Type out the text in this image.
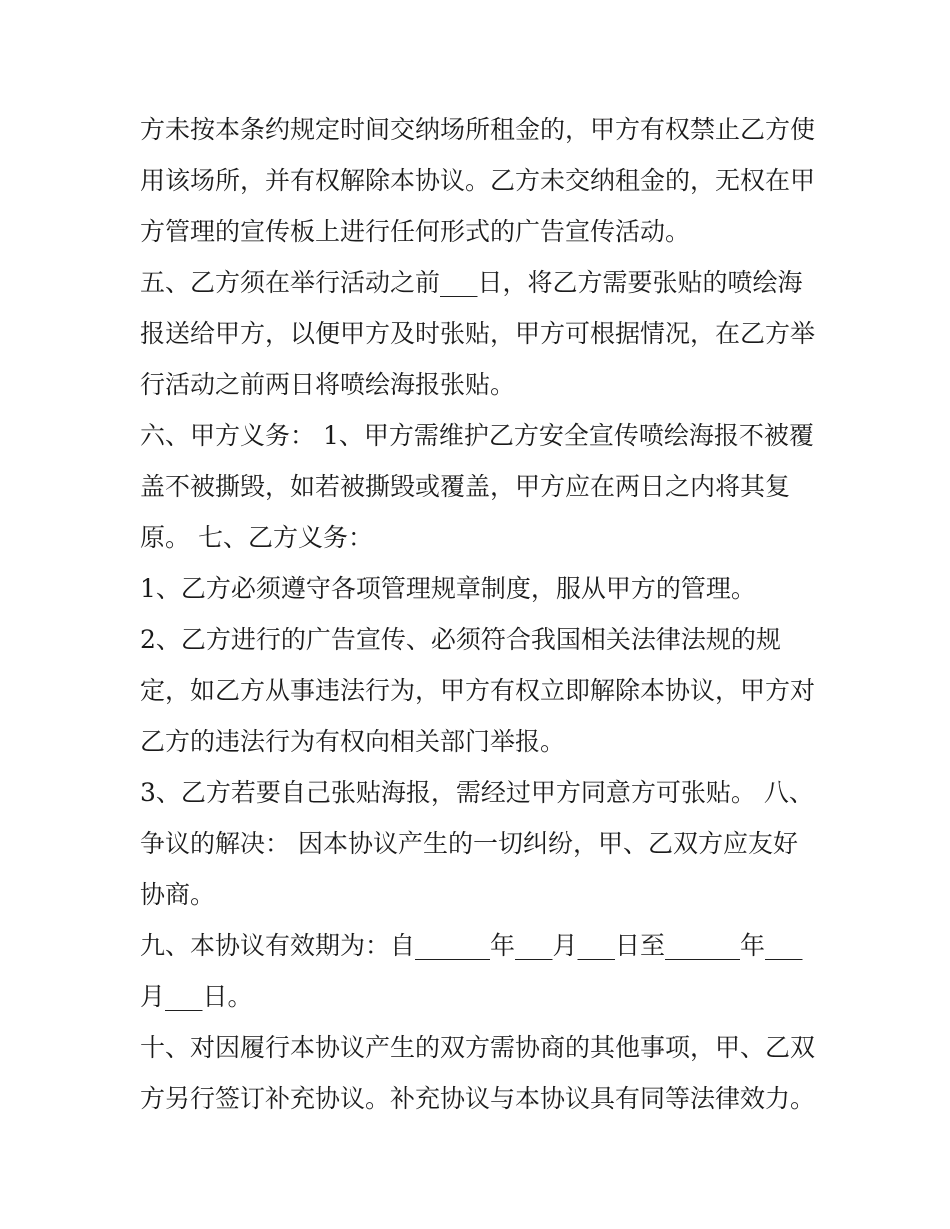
方未按本条约规定时间交纳场所租金的，甲方有权禁止乙方使
用该场所，并有权解除本协议。乙方未交纳租金的，无权在甲
方管理的宣传板上进行任何形式的广告宣传活动。
五、乙方须在举行活动之前___日，将乙方需要张贴的喷绘海
报送给甲方，以便甲方及时张贴，甲方可根据情况，在乙方举
行活动之前两日将喷绘海报张贴。
六、甲方义务： 1、甲方需维护乙方安全宣传喷绘海报不被覆
盖不被撕毁，如若被撕毁或覆盖，甲方应在两日之内将其复
原。 七、乙方义务：
1、乙方必须遵守各项管理规章制度，服从甲方的管理。
2、乙方进行的广告宣传、必须符合我国相关法律法规的规
定，如乙方从事违法行为，甲方有权立即解除本协议，甲方对
乙方的违法行为有权向相关部门举报。
3、乙方若要自己张贴海报，需经过甲方同意方可张贴。 八、
争议的解决： 因本协议产生的一切纠纷，甲、乙双方应友好
协商。
九、本协议有效期为：自______年___月___日至______年___
月___日。
十、对因履行本协议产生的双方需协商的其他事项，甲、乙双
方另行签订补充协议。补充协议与本协议具有同等法律效力。
